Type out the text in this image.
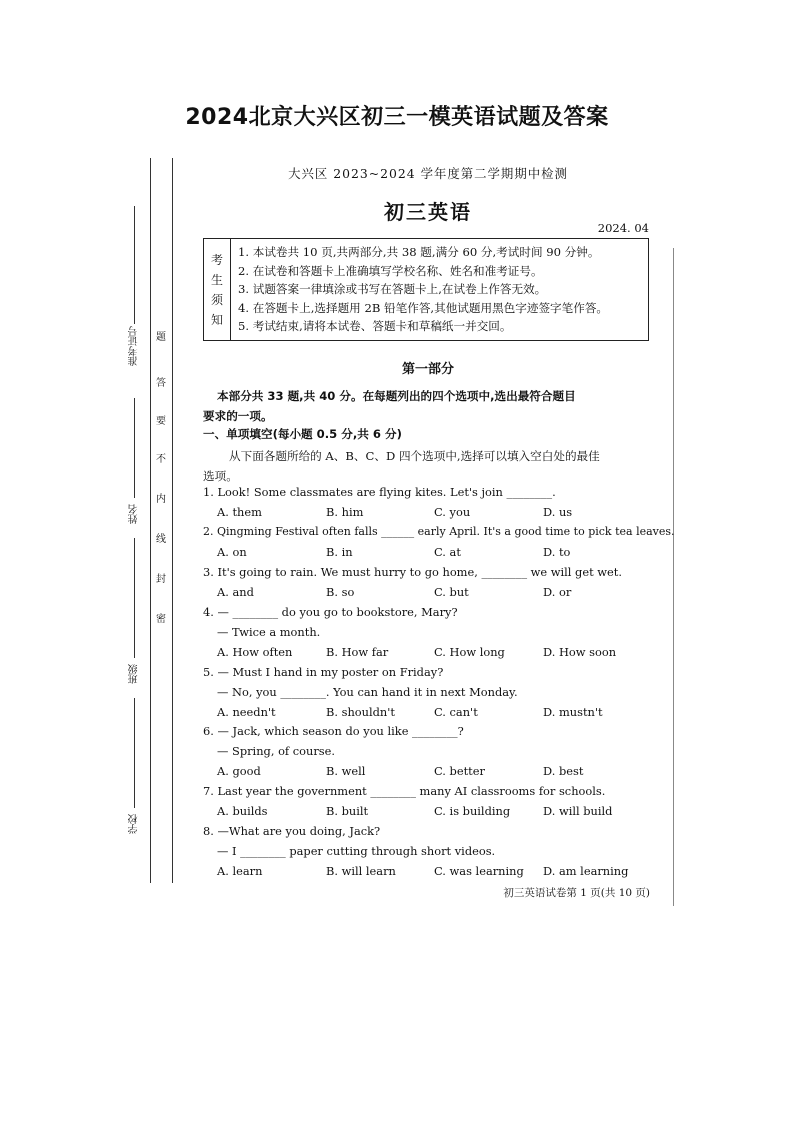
2024北京大兴区初三一模英语试题及答案
准考证号
姓名
班级
学校
密
封
线
内
不
要
答
题
大兴区 2023~2024 学年度第二学期期中检测
初三英语
2024. 04
考
生
须
知
1. 本试卷共 10 页,共两部分,共 38 题,满分 60 分,考试时间 90 分钟。
2. 在试卷和答题卡上准确填写学校名称、姓名和准考证号。
3. 试题答案一律填涂或书写在答题卡上,在试卷上作答无效。
4. 在答题卡上,选择题用 2B 铅笔作答,其他试题用黑色字迹签字笔作答。
5. 考试结束,请将本试卷、答题卡和草稿纸一并交回。
第一部分
本部分共 33 题,共 40 分。在每题列出的四个选项中,选出最符合题目
要求的一项。
一、单项填空(每小题 0.5 分,共 6 分)
从下面各题所给的 A、B、C、D 四个选项中,选择可以填入空白处的最佳
选项。
1. Look! Some classmates are flying kites. Let's join ________.
A. them	B. him	C. you	D. us
2. Qingming Festival often falls ______ early April. It's a good time to pick tea leaves.
A. on	B. in	C. at	D. to
3. It's going to rain. We must hurry to go home, ________ we will get wet.
A. and	B. so	C. but	D. or
4. — ________ do you go to bookstore, Mary?
— Twice a month.
A. How often	B. How far	C. How long	D. How soon
5. — Must I hand in my poster on Friday?
— No, you ________. You can hand it in next Monday.
A. needn't	B. shouldn't	C. can't	D. mustn't
6. — Jack, which season do you like ________?
— Spring, of course.
A. good	B. well	C. better	D. best
7. Last year the government ________ many AI classrooms for schools.
A. builds	B. built	C. is building	D. will build
8. —What are you doing, Jack?
— I ________ paper cutting through short videos.
A. learn	B. will learn	C. was learning D. am learning
初三英语试卷第 1 页(共 10 页)
